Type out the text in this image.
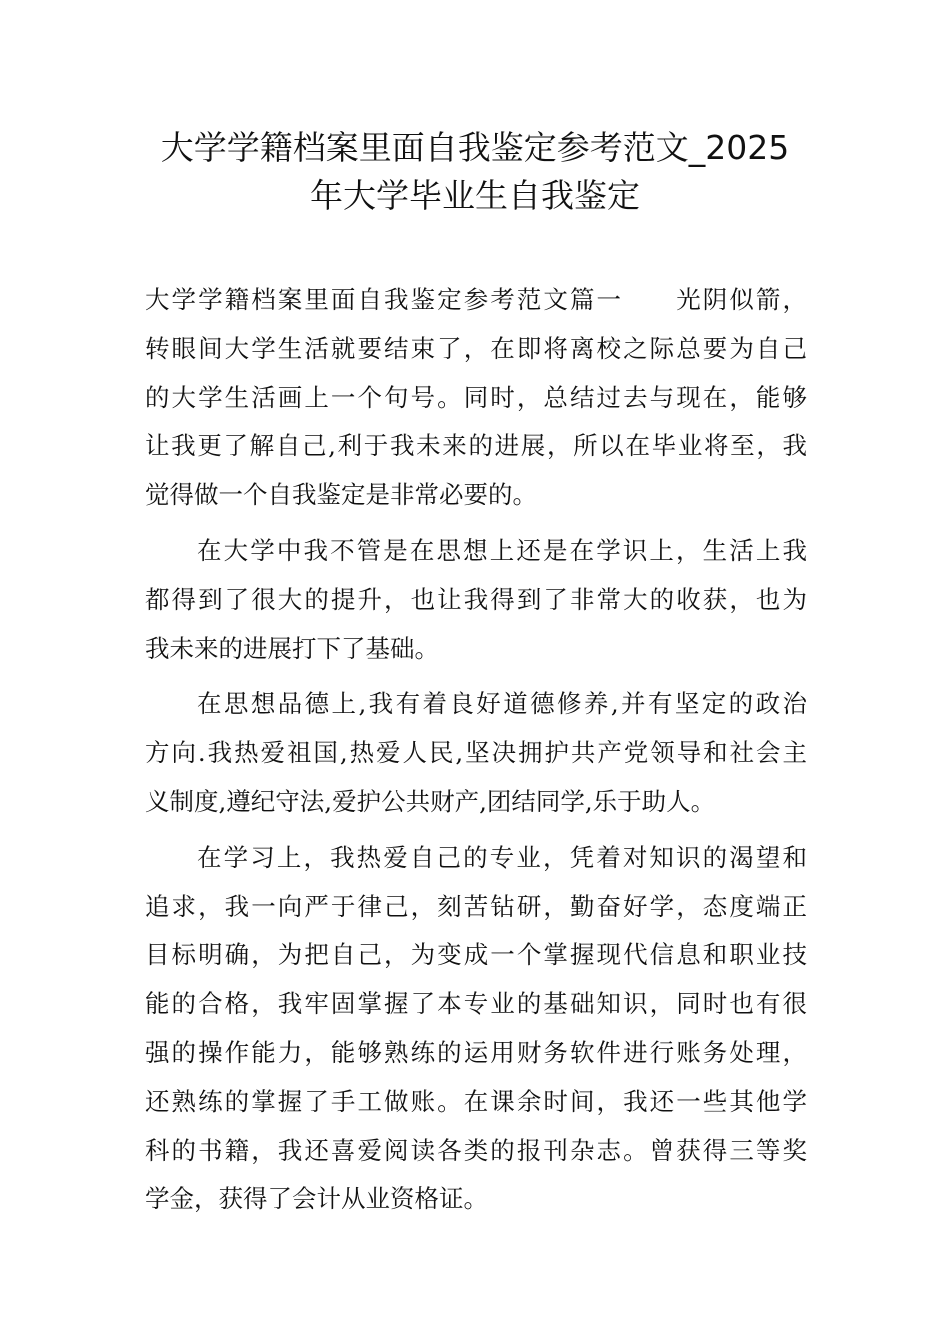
大学学籍档案里面自我鉴定参考范文_2025
年大学毕业生自我鉴定
大学学籍档案里面自我鉴定参考范文篇一　　光阴似箭，
转眼间大学生活就要结束了，在即将离校之际总要为自己
的大学生活画上一个句号。同时，总结过去与现在，能够
让我更了解自己,利于我未来的进展，所以在毕业将至，我
觉得做一个自我鉴定是非常必要的。
在大学中我不管是在思想上还是在学识上，生活上我
都得到了很大的提升，也让我得到了非常大的收获，也为
我未来的进展打下了基础。
在思想品德上,我有着良好道德修养,并有坚定的政治
方向.我热爱祖国,热爱人民,坚决拥护共产党领导和社会主
义制度,遵纪守法,爱护公共财产,团结同学,乐于助人。
在学习上，我热爱自己的专业，凭着对知识的渴望和
追求，我一向严于律己，刻苦钻研，勤奋好学，态度端正
目标明确，为把自己，为变成一个掌握现代信息和职业技
能的合格，我牢固掌握了本专业的基础知识，同时也有很
强的操作能力，能够熟练的运用财务软件进行账务处理，
还熟练的掌握了手工做账。在课余时间，我还一些其他学
科的书籍，我还喜爱阅读各类的报刊杂志。曾获得三等奖
学金，获得了会计从业资格证。
